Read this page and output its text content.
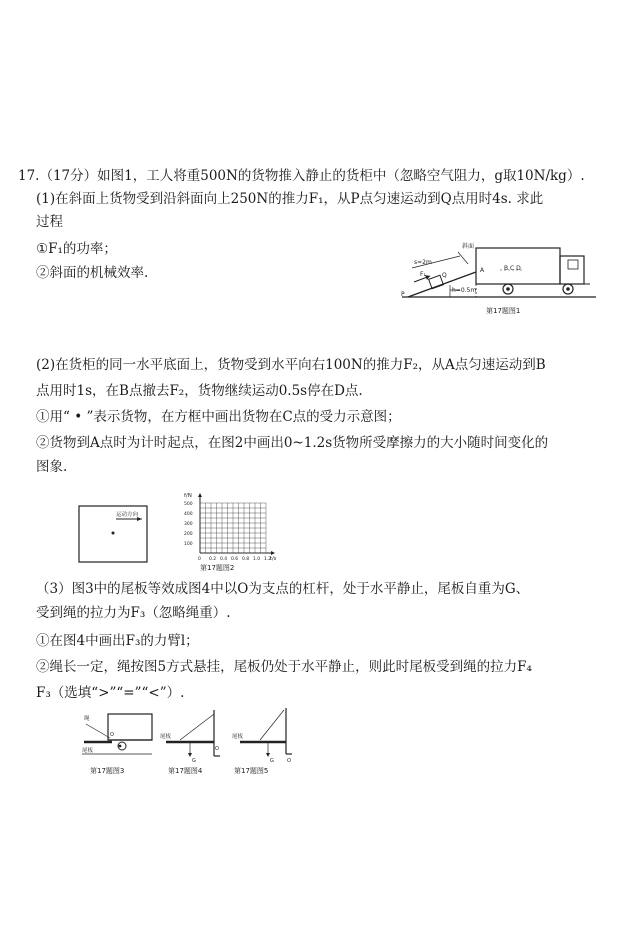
17.（17分）如图1，工人将重500N的货物推入静止的货柜中（忽略空气阻力，g取10N/kg）.
(1)在斜面上货物受到沿斜面向上250N的推力F₁，从P点匀速运动到Q点用时4s. 求此
过程
①F₁的功率；
②斜面的机械效率.
斜面
s=2m
F₁	Q
P
h=0.5m
A	B C D
第17题图1
(2)在货柜的同一水平底面上，货物受到水平向右100N的推力F₂，从A点匀速运动到B
点用时1s，在B点撤去F₂，货物继续运动0.5s停在D点.
①用“ • ”表示货物，在方框中画出货物在C点的受力示意图；
②货物到A点时为计时起点，在图2中画出0~1.2s货物所受摩擦力的大小随时间变化的
图象.
运动方向
f/N
500
400
300
200
100
0 0.2 0.4 0.6 0.8 1.0 1.2
t/s
第17题图2
（3）图3中的尾板等效成图4中以O为支点的杠杆，处于水平静止，尾板自重为G、
受到绳的拉力为F₃（忽略绳重）.
①在图4中画出F₃的力臂l；
②绳长一定，绳按图5方式悬挂，尾板仍处于水平静止，则此时尾板受到绳的拉力F₄
F₃（选填“>”“=”“<”）.
绳
尾板
O
第17题图3
尾板
O
G
第17题图4
尾板
O
G
第17题图5
